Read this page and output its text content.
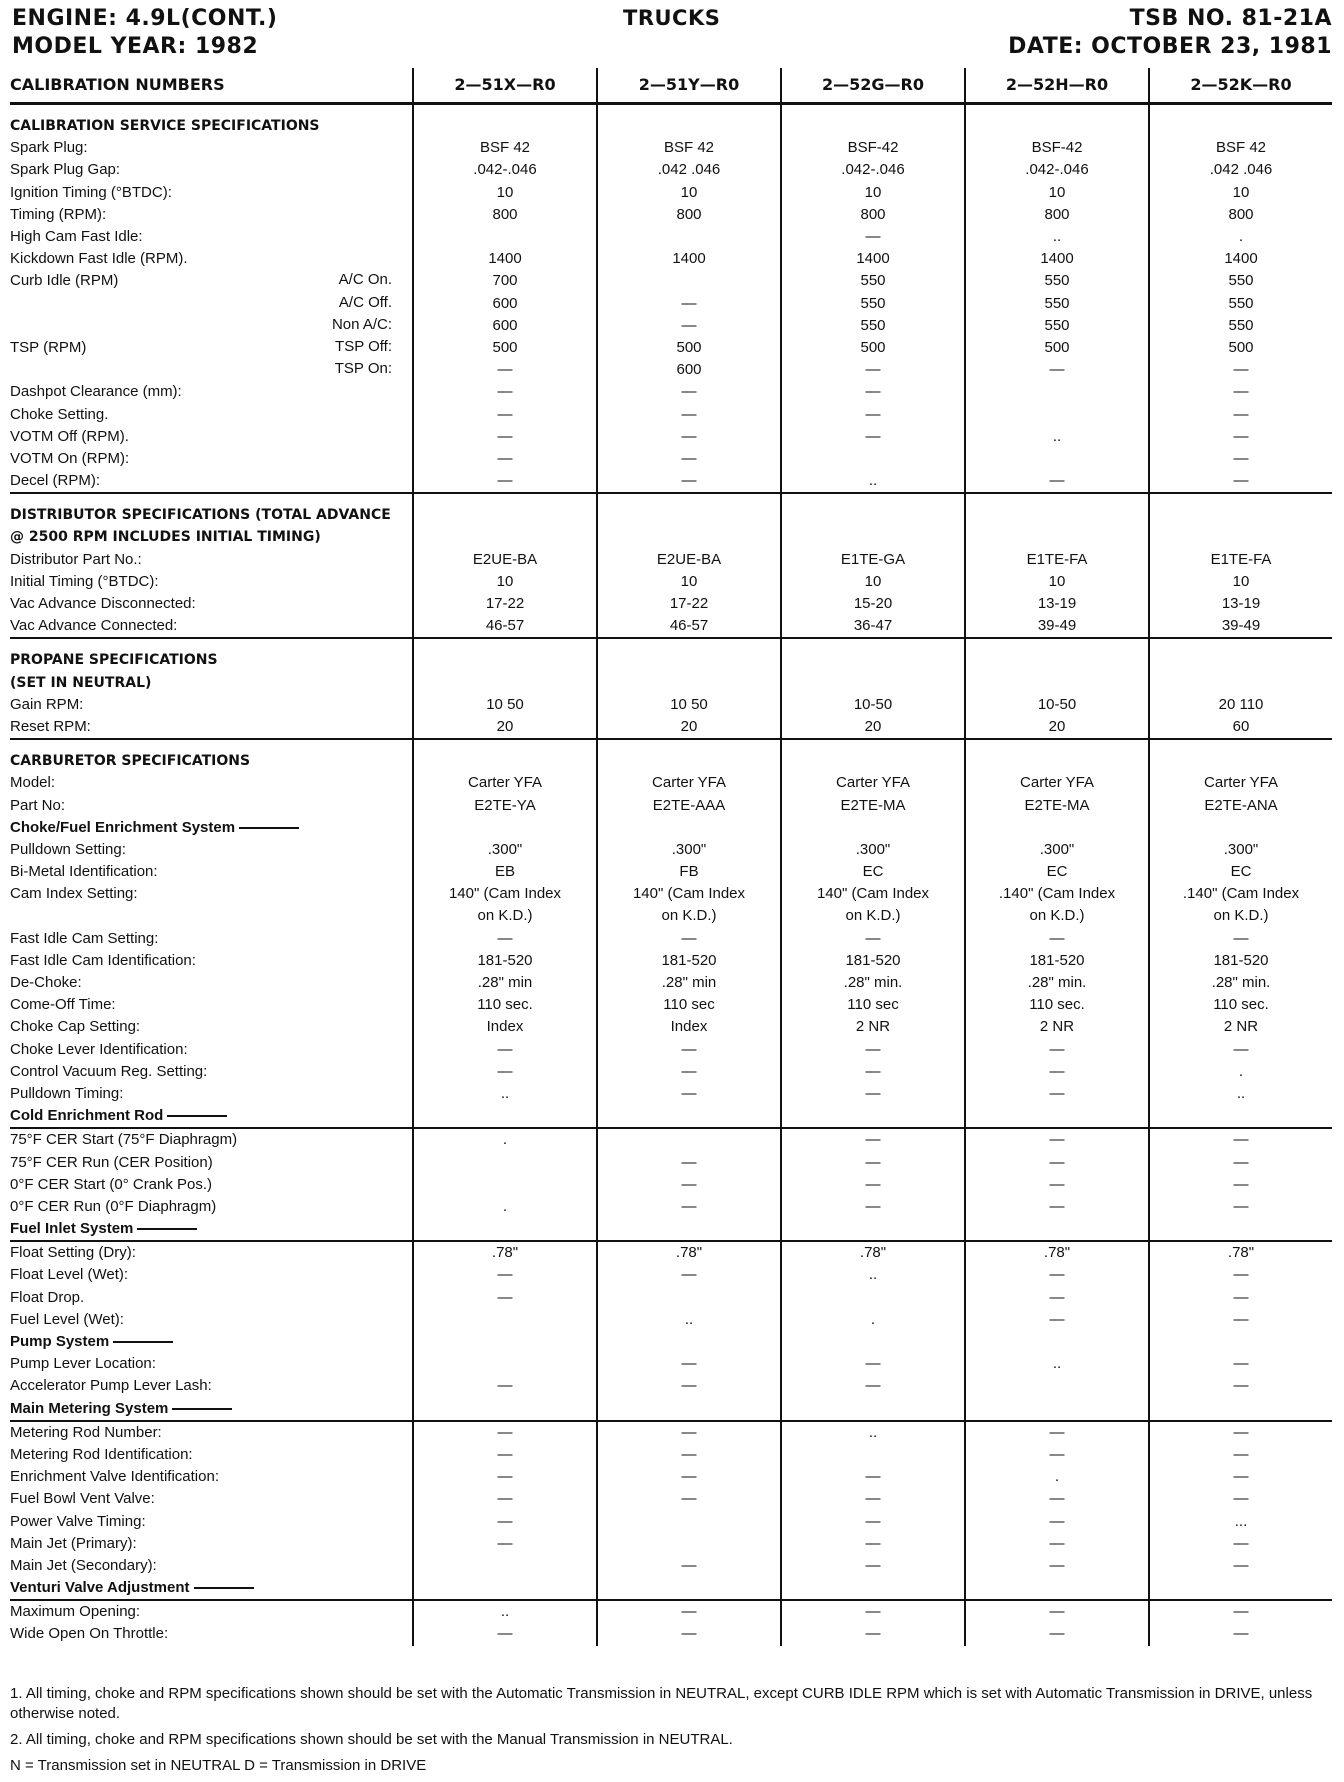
ENGINE: 4.9L(CONT.)
MODEL YEAR: 1982
TRUCKS	TSB NO. 81-21A
DATE: OCTOBER 23, 1981
CALIBRATION NUMBERS	2—51X—R0	2—51Y—R0	2—52G—R0	2—52H—R0	2—52K—R0

CALIBRATION SERVICE SPECIFICATIONS					
Spark Plug:	BSF 42	BSF 42	BSF-42	BSF-42	BSF 42
Spark Plug Gap:	.042-.046	.042 .046	.042-.046	.042-.046	.042 .046
Ignition Timing (°BTDC):	10	10	10	10	10
Timing (RPM):	800	800	800	800	800
High Cam Fast Idle:			—	..	.
Kickdown Fast Idle (RPM).	1400	1400	1400	1400	1400
Curb Idle (RPM) A/C On.	700		550	550	550

A/C Off.	600	—	550	550	550

Non A/C:	600	—	550	550	550
TSP (RPM) TSP Off:	500	500	500	500	500

TSP On:	—	600	—	—	—
Dashpot Clearance (mm):	—	—	—		—
Choke Setting.	—	—	—		—
VOTM Off (RPM).	—	—	—	..	—
VOTM On (RPM):	—	—			—
Decel (RPM):	—	—	..	—	—

DISTRIBUTOR SPECIFICATIONS (TOTAL ADVANCE					
@ 2500 RPM INCLUDES INITIAL TIMING)					
Distributor Part No.:	E2UE-BA	E2UE-BA	E1TE-GA	E1TE-FA	E1TE-FA
Initial Timing (°BTDC):	10	10	10	10	10
Vac Advance Disconnected:	17-22	17-22	15-20	13-19	13-19
Vac Advance Connected:	46-57	46-57	36-47	39-49	39-49

PROPANE SPECIFICATIONS					
(SET IN NEUTRAL)					
Gain RPM:	10 50	10 50	10-50	10-50	20 110
Reset RPM:	20	20	20	20	60

CARBURETOR SPECIFICATIONS					
Model:	Carter YFA	Carter YFA	Carter YFA	Carter YFA	Carter YFA
Part No:	E2TE-YA	E2TE-AAA	E2TE-MA	E2TE-MA	E2TE-ANA
Choke/Fuel Enrichment System					
Pulldown Setting:	.300"	.300"	.300"	.300"	.300"
Bi-Metal Identification:	EB	FB	EC	EC	EC
Cam Index Setting:	140" (Cam Index	140" (Cam Index	140" (Cam Index	.140" (Cam Index	.140" (Cam Index
	on K.D.)	on K.D.)	on K.D.)	on K.D.)	on K.D.)
Fast Idle Cam Setting:	—	—	—	—	—
Fast Idle Cam Identification:	181-520	181-520	181-520	181-520	181-520
De-Choke:	.28" min	.28" min	.28" min.	.28" min.	.28" min.
Come-Off Time:	110 sec.	110 sec	110 sec	110 sec.	110 sec.
Choke Cap Setting:	Index	Index	2 NR	2 NR	2 NR
Choke Lever Identification:	—	—	—	—	—
Control Vacuum Reg. Setting:	—	—	—	—	.
Pulldown Timing:	..	—	—	—	..
Cold Enrichment Rod					
75°F CER Start (75°F Diaphragm)	.		—	—	—
75°F CER Run (CER Position)		—	—	—	—
0°F CER Start (0° Crank Pos.)		—	—	—	—
0°F CER Run (0°F Diaphragm)	.	—	—	—	—
Fuel Inlet System					
Float Setting (Dry):	.78"	.78"	.78"	.78"	.78"
Float Level (Wet):	—	—	..	—	—
Float Drop.	—			—	—
Fuel Level (Wet):		..	.	—	—
Pump System					
Pump Lever Location:		—	—	..	—
Accelerator Pump Lever Lash:	—	—	—		—
Main Metering System					
Metering Rod Number:	—	—	..	—	—
Metering Rod Identification:	—	—		—	—
Enrichment Valve Identification:	—	—	—	.	—
Fuel Bowl Vent Valve:	—	—	—	—	—
Power Valve Timing:	—		—	—	...
Main Jet (Primary):	—		—	—	—
Main Jet (Secondary):		—	—	—	—
Venturi Valve Adjustment					
Maximum Opening:	..	—	—	—	—
Wide Open On Throttle:	—	—	—	—	—

1. All timing, choke and RPM specifications shown should be set with the Automatic Transmission in NEUTRAL, except CURB IDLE RPM which is set with Automatic Transmission in DRIVE, unless otherwise noted.

2. All timing, choke and RPM specifications shown should be set with the Manual Transmission in NEUTRAL.

N = Transmission set in NEUTRAL D = Transmission in DRIVE
